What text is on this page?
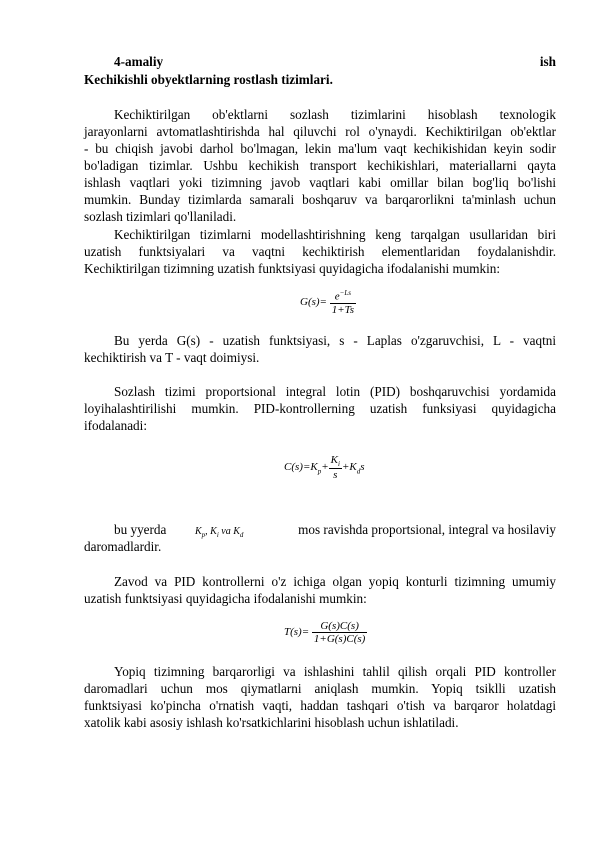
4-amaliy	ish
Kechikishli obyektlarning rostlash tizimlari.
Kechiktirilgan ob'ektlarni sozlash tizimlarini hisoblash texnologik
jarayonlarni avtomatlashtirishda hal qiluvchi rol o'ynaydi. Kechiktirilgan ob'ektlar
- bu chiqish javobi darhol bo'lmagan, lekin ma'lum vaqt kechikishidan keyin sodir
bo'ladigan tizimlar. Ushbu kechikish transport kechikishlari, materiallarni qayta
ishlash vaqtlari yoki tizimning javob vaqtlari kabi omillar bilan bog'liq bo'lishi
mumkin. Bunday tizimlarda samarali boshqaruv va barqarorlikni ta'minlash uchun
sozlash tizimlari qo'llaniladi.
Kechiktirilgan tizimlarni modellashtirishning keng tarqalgan usullaridan biri
uzatish funktsiyalari va vaqtni kechiktirish elementlaridan foydalanishdir.
Kechiktirilgan tizimning uzatish funktsiyasi quyidagicha ifodalanishi mumkin:
$G(s)= \frac{e^{-Ls}}{1+Ts}$
Bu yerda G(s) - uzatish funktsiyasi, s - Laplas o'zgaruvchisi, L - vaqtni
kechiktirish va T - vaqt doimiysi.
Sozlash tizimi proportsional integral lotin (PID) boshqaruvchisi yordamida
loyihalashtirilishi mumkin. PID-kontrollerning uzatish funksiyasi quyidagicha
ifodalanadi:
$C(s)=K_p+ \frac{K_i}{s} +K_ds$
bu yyerda	$K_p$, $K_i$ va $K_d$	mos ravishda proportsional, integral va hosilaviy
daromadlardir.
Zavod va PID kontrollerni o'z ichiga olgan yopiq konturli tizimning umumiy
uzatish funktsiyasi quyidagicha ifodalanishi mumkin:
$T(s)= \frac{G(s)C(s)}{1+G(s)C(s)}$
Yopiq tizimning barqarorligi va ishlashini tahlil qilish orqali PID kontroller
daromadlari uchun mos qiymatlarni aniqlash mumkin. Yopiq tsiklli uzatish
funktsiyasi ko'pincha o'rnatish vaqti, haddan tashqari o'tish va barqaror holatdagi
xatolik kabi asosiy ishlash ko'rsatkichlarini hisoblash uchun ishlatiladi.
